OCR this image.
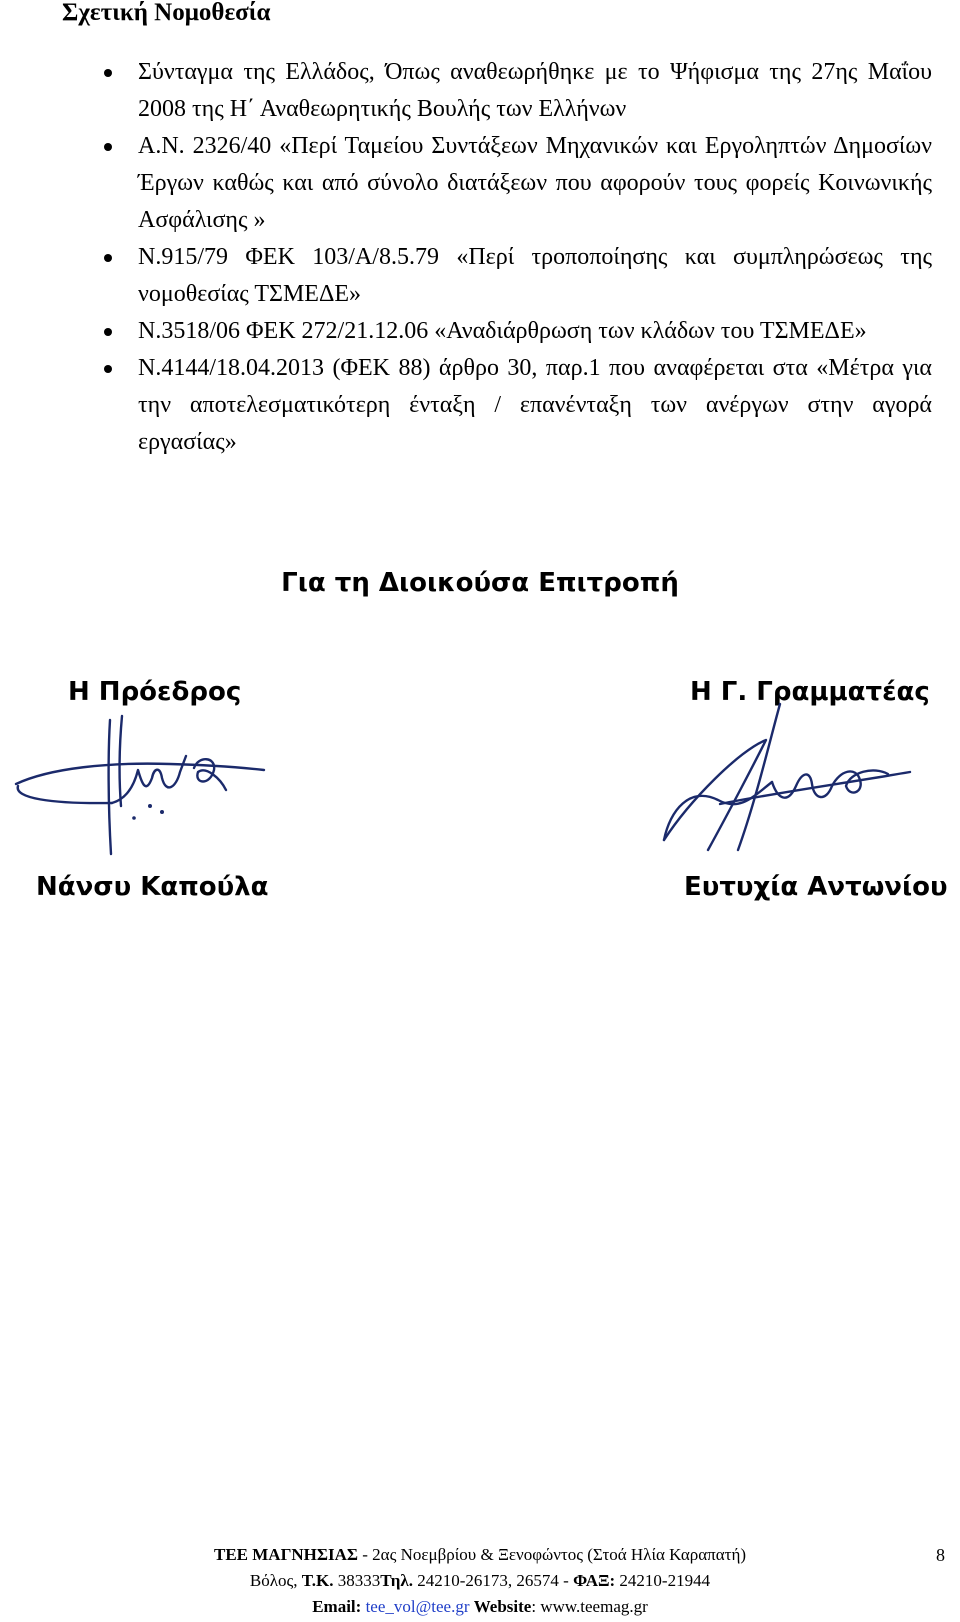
Σχετική Νομοθεσία
Σύνταγμα της Ελλάδος, Όπως αναθεωρήθηκε με το Ψήφισμα της 27ης Μαΐου 2008 της Η΄ Αναθεωρητικής Βουλής των Ελλήνων
Α.Ν. 2326/40 «Περί Ταμείου Συντάξεων Μηχανικών και Εργοληπτών Δημοσίων Έργων καθώς και από σύνολο διατάξεων που αφορούν τους φορείς Κοινωνικής Ασφάλισης »
Ν.915/79 ΦΕΚ 103/Α/8.5.79 «Περί τροποποίησης και συμπληρώσεως της νομοθεσίας ΤΣΜΕΔΕ»
Ν.3518/06 ΦΕΚ 272/21.12.06 «Αναδιάρθρωση των κλάδων του ΤΣΜΕΔΕ»
Ν.4144/18.04.2013 (ΦΕΚ 88) άρθρο 30, παρ.1 που αναφέρεται στα «Μέτρα για την αποτελεσματικότερη ένταξη / επανένταξη των ανέργων στην αγορά εργασίας»
Για τη Διοικούσα Επιτροπή
Η Πρόεδρος	Η Γ. Γραμματέας
Νάνσυ Καπούλα	Ευτυχία Αντωνίου
ΤΕΕ ΜΑΓΝΗΣΙΑΣ - 2ας Νοεμβρίου & Ξενοφώντος (Στοά Ηλία Καραπατή)	8
Βόλος, Τ.Κ. 38333Τηλ. 24210-26173, 26574 - ΦΑΞ: 24210-21944
Email: tee_vol@tee.gr Website: www.teemag.gr
